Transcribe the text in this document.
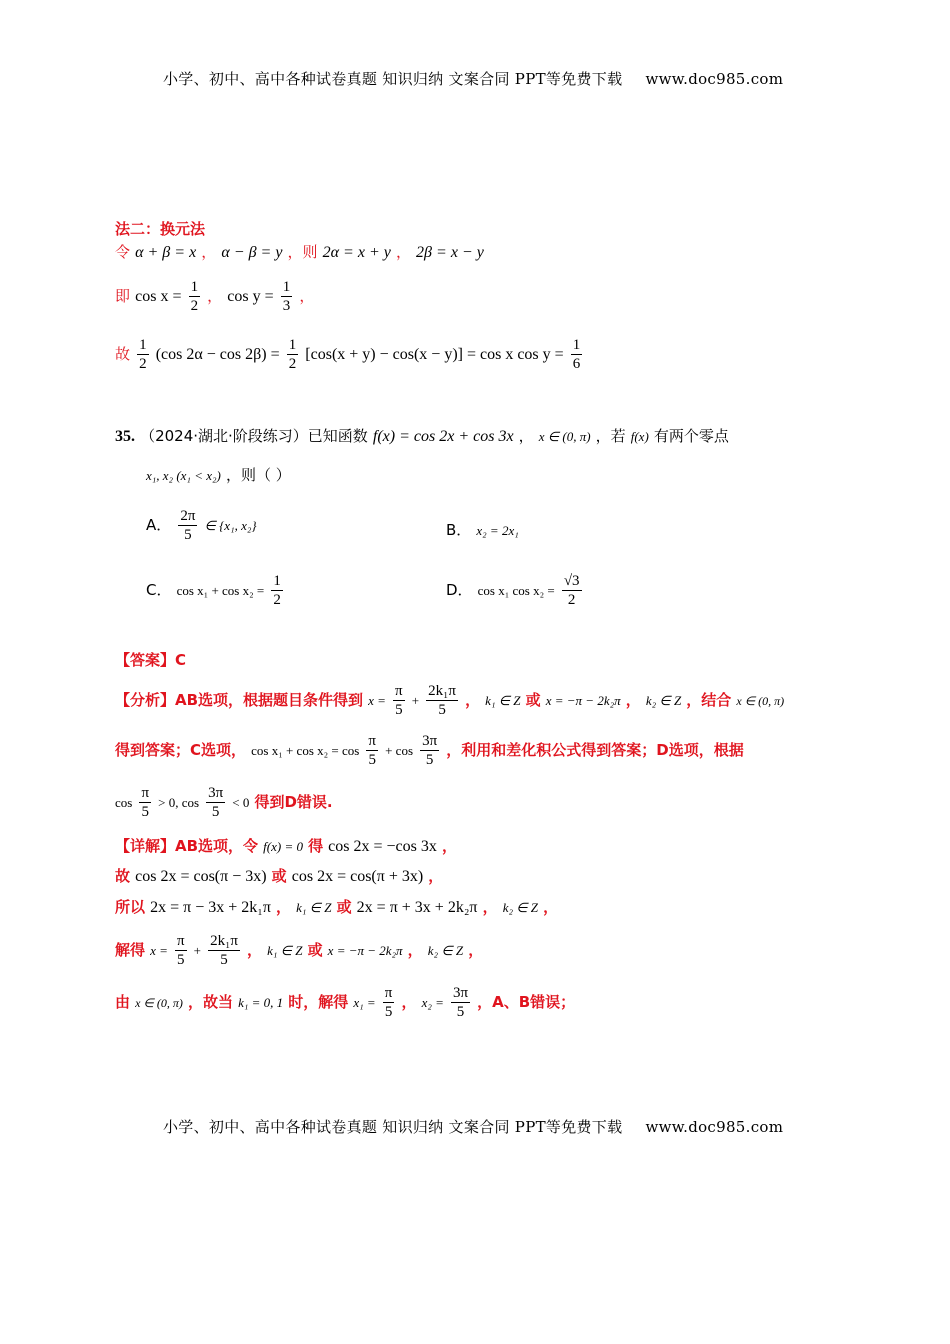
小学、初中、高中各种试卷真题 知识归纳 文案合同 PPT等免费下载 www.doc985.com
法二：换元法
令 α + β = x ， α − β = y ，则 2α = x + y ， 2β = x − y
即 $\cos x = \frac{1}{2}$ ， $\cos y = \frac{1}{3}$ ，
故 $\frac{1}{2} (\cos$ $2\alpha - \cos 2\beta) = \frac{1}{2} [\cos(x + y) - \cos(x - y)] = \cos x$ $\cos y = \frac{1}{6}$
35. （2024·湖北·阶段练习）已知函数 f(x) = cos 2x + cos 3x ， x ∈ (0, π) ，若 f(x) 有两个零点
x₁, x₂ (x₁ < x₂) ，则（ ）
A． $\frac{2\pi}{5}$ ∈ {x₁, x₂}	B． x₂ = 2x₁
C． $\cos x_1 + \cos x_2 = \frac{1}{2}$	D． cos x₁ $\cos x_2 = \frac{√3}{2}$
【答案】C
【分析】AB选项，根据题目条件得到 $x = \frac{\pi}{5} + \frac{\text{2k₁π}}{5}$ ， k₁ ∈ Z 或 x = −π − 2k₂π ， k₂ ∈ Z ，结合 x ∈ (0, π)
得到答案；C选项， $\cos x_1 + \cos x_2 = \cos \frac{\pi}{5} + \cos \frac{3\pi}{5}$ ，利用和差化积公式得到答案；D选项，根据
$\cos \frac{\pi}{5} > 0$, $\cos \frac{3\pi}{5} < 0$ 得到D错误.
【详解】AB选项，令 f(x) = 0 得 cos 2x = −cos 3x ，
故 cos 2x = cos(π − 3x) 或 cos 2x = cos(π + 3x) ，
所以 2x = π − 3x + 2k₁π ， k₁ ∈ Z 或 2x = π + 3x + 2k₂π ， k₂ ∈ Z ，
解得 $x = \frac{\pi}{5} + \frac{\text{2k₁π}}{5}$ ， k₁ ∈ Z 或 x = −π − 2k₂π ， k₂ ∈ Z ，
由 x ∈ (0, π) ，故当 k₁ = 0, 1 时，解得 $x_1 = \frac{\pi}{5}$ ， $x_2 = \frac{3\pi}{5}$ ，A、B错误；
小学、初中、高中各种试卷真题 知识归纳 文案合同 PPT等免费下载 www.doc985.com
